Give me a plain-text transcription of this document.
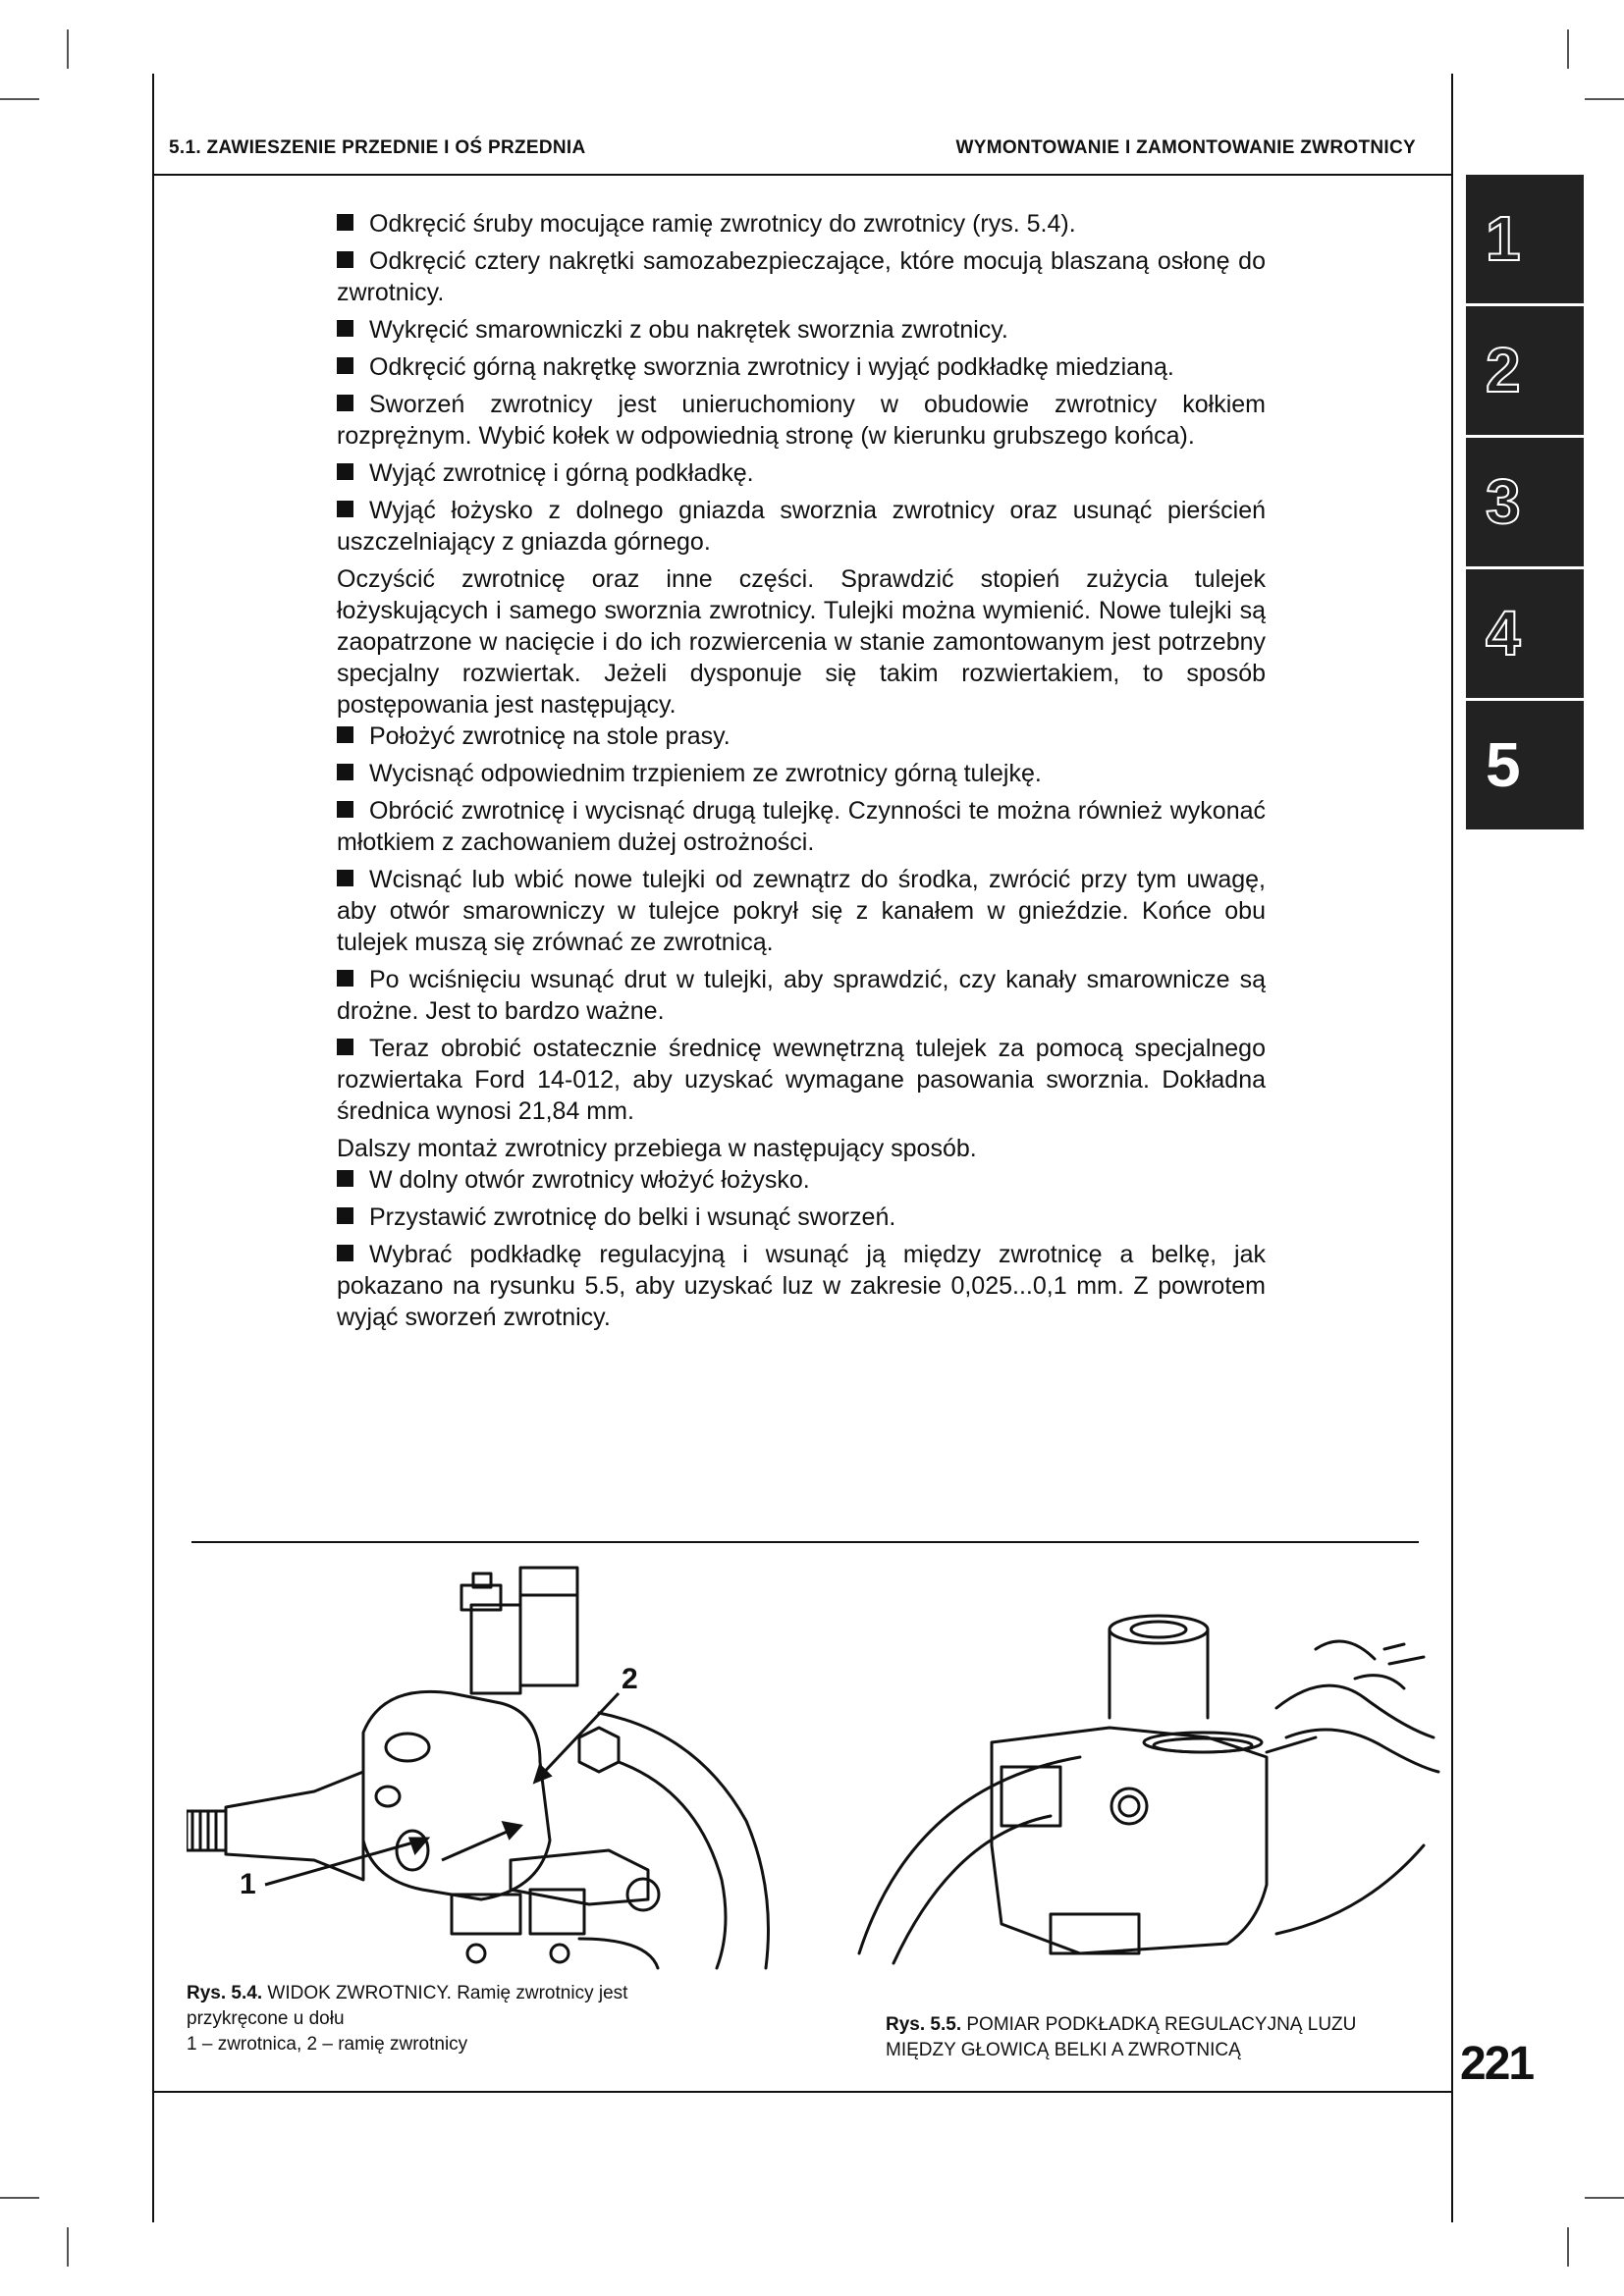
5.1. ZAWIESZENIE PRZEDNIE I OŚ PRZEDNIA	WYMONTOWANIE I ZAMONTOWANIE ZWROTNICY
Odkręcić śruby mocujące ramię zwrotnicy do zwrotnicy (rys. 5.4).
Odkręcić cztery nakrętki samozabezpieczające, które mocują blaszaną osłonę do zwrotnicy.
Wykręcić smarowniczki z obu nakrętek sworznia zwrotnicy.
Odkręcić górną nakrętkę sworznia zwrotnicy i wyjąć podkładkę miedzianą.
Sworzeń zwrotnicy jest unieruchomiony w obudowie zwrotnicy kołkiem rozprężnym. Wybić kołek w odpowiednią stronę (w kierunku grubszego końca).
Wyjąć zwrotnicę i górną podkładkę.
Wyjąć łożysko z dolnego gniazda sworznia zwrotnicy oraz usunąć pierścień uszczelniający z gniazda górnego.
Oczyścić zwrotnicę oraz inne części. Sprawdzić stopień zużycia tulejek łożyskujących i samego sworznia zwrotnicy. Tulejki można wymienić. Nowe tulejki są zaopatrzone w nacięcie i do ich rozwiercenia w stanie zamontowanym jest potrzebny specjalny rozwiertak. Jeżeli dysponuje się takim rozwiertakiem, to sposób postępowania jest następujący.
Położyć zwrotnicę na stole prasy.
Wycisnąć odpowiednim trzpieniem ze zwrotnicy górną tulejkę.
Obrócić zwrotnicę i wycisnąć drugą tulejkę. Czynności te można również wykonać młotkiem z zachowaniem dużej ostrożności.
Wcisnąć lub wbić nowe tulejki od zewnątrz do środka, zwrócić przy tym uwagę, aby otwór smarowniczy w tulejce pokrył się z kanałem w gnieździe. Końce obu tulejek muszą się zrównać ze zwrotnicą.
Po wciśnięciu wsunąć drut w tulejki, aby sprawdzić, czy kanały smarownicze są drożne. Jest to bardzo ważne.
Teraz obrobić ostatecznie średnicę wewnętrzną tulejek za pomocą specjalnego rozwiertaka Ford 14-012, aby uzyskać wymagane pasowania sworznia. Dokładna średnica wynosi 21,84 mm.
Dalszy montaż zwrotnicy przebiega w następujący sposób.
W dolny otwór zwrotnicy włożyć łożysko.
Przystawić zwrotnicę do belki i wsunąć sworzeń.
Wybrać podkładkę regulacyjną i wsunąć ją między zwrotnicę a belkę, jak pokazano na rysunku 5.5, aby uzyskać luz w zakresie 0,025...0,1 mm. Z powrotem wyjąć sworzeń zwrotnicy.
1
2
3
4
5
221
1
2
Rys. 5.4. WIDOK ZWROTNICY. Ramię zwrotnicy jest przykręcone u dołu
1 – zwrotnica, 2 – ramię zwrotnicy
Rys. 5.5. POMIAR PODKŁADKĄ REGULACYJNĄ LUZU MIĘDZY GŁOWICĄ BELKI A ZWROTNICĄ
